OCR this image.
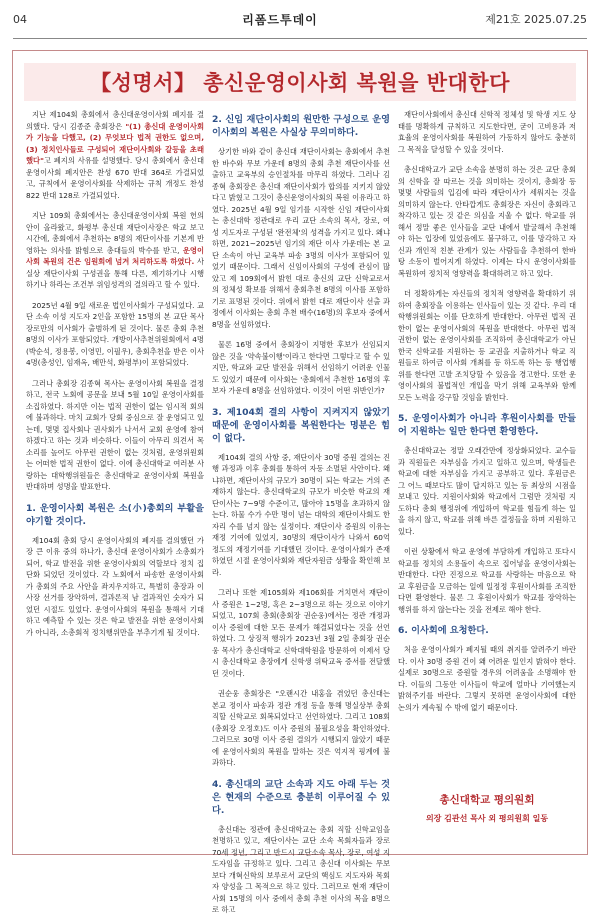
04	리폼드투데이	제21호 2025.07.25
【성명서】 총신운영이사회 복원을 반대한다

지난 제104회 총회에서 총신대운영이사회 폐지를 결의했다. 당시 김종준 총회장은 "(1) 총신대 운영이사회가 기능을 다했고, (2) 무엇보다 법적 권한도 없으며, (3) 정치인사들로 구성되어 재단이사회와 갈등을 초래했다"고 폐지의 사유를 설명했다. 당시 총회에서 총신대운영이사회 폐지안은 찬성 670 반대 364로 가결되었고, 규칙에서 운영이사회를 삭제하는 규칙 개정도 찬성 822 반대 128로 가결되었다.

지난 109회 총회에서는 총신대운영이사회 복원 헌의안이 올라왔고, 화평부 총신대 재단이사장은 학교 보고 시간에, 총회에서 추천하는 8명의 재단이사를 기본계 반영하는 의사를 밝힘으로 총대들의 박수를 받고, 운영이사회 복원의 건은 임원회에 넘겨 처리하도록 하였다. 사실상 재단이사회 구성권을 통해 다른, 제기하기나 시행하기나 하라는 조건부 위임성격의 결의라고 할 수 있다.

2025년 4월 9일 새로운 법인이사회가 구성되었다. 교단 소속 이성 지도자 2인을 포함한 15명의 본 교단 목사 장로만의 이사회가 출범하게 된 것이다. 물론 총회 추천 8명의 이사가 포함되었다. 개방이사추천위원회에서 4명(박순석, 정용봉, 이영민, 이필우), 총회추천을 받은 이사 4명(총성인, 임재옥, 배만석, 화평부)이 포함되었다.

그러나 총회장 김종혁 목사는 운영이사회 복원을 결정하고, 전국 노회에 공문을 보내 5월 10일 운영이사회를 소집하였다. 하지만 이는 법적 권한이 없는 임시적 회의에 불과하다. 마치 교회가 당회 중심으로 잘 운영되고 있는데, 몇몇 집사회나 권사회가 나서서 교회 운영에 참여하겠다고 하는 것과 비슷하다. 이들이 아무리 의견서 목소리를 높여도 아무런 권한이 없는 것처럼, 운영위원회는 어떠한 법적 권한이 없다. 이에 총신대학교 여러분 사랑하는 대학행위원들은 총신대학교 운영이사회 복원을 반대하며 성명을 발표한다.

1. 운영이사회 복원은 소(小)총회의 부활을 야기할 것이다.

제104회 총회 당시 운영이사회의 폐지를 결의했던 가장 큰 이유 중의 하나가, 총신대 운영이사회가 소총회가 되어, 학교 발전을 위한 운영이사회의 역할보다 정치 집단화 되었던 것이었다. 각 노회에서 파송한 운영이사회가 총회의 주요 사안을 좌지우지하고, 특별히 총장과 이사장 선거를 장악하여, 결과론적 남 결과적인 숫자가 되었던 시절도 있었다. 운영이사회의 복원을 통해서 기대하고 예측할 수 있는 것은 학교 발전을 위한 운영이사회가 아니라, 소총회적 정치행위만을 부추기게 될 것이다.

2. 신임 재단이사회의 원만한 구성으로 운영이사회의 복원은 사실상 무의미하다.

상기한 바와 같이 총신대 재단이사회는 총회에서 추천한 바수와 무보 가운데 8명의 총회 추천 재단이사를 선출하고 교육부의 승인절차를 마무리 하였다. 그러나 김종혁 총회장은 총신대 재단이사회가 합의를 지키지 않았다고 밝혔고 그것이 총신운영이사회의 복원 이유라고 하였다. 2025년 4월 9일 임기를 시작한 신임 재단이사회는 총신대학 정관대로 우리 교단 소속의 목사, 장로, 여성 지도자로 구성된 '완전체'의 성격을 가지고 있다. 왜냐하면, 2021~2025년 임기의 재단 이사 가운데는 본 교단 소속이 아닌 교육부 파송 3명의 이사가 포함되어 있었기 때문이다. 그래서 신임이사회의 구성에 관심이 많았고 제 109회에서 밝힌 대로 총신의 교단 신학교로서의 정체성 확보를 위해서 총회추천 8명의 이사를 포함하기로 표명된 것이다. 위에서 밝힌 대로 재단이사 선출 과정에서 이사회는 총회 추천 배수(16명)의 후보자 중에서 8명을 선임하였다.

물론 16명 중에서 총회장이 지명한 후보가 선임되지 않은 것을 '약속불이행'이라고 한다면 그렇다고 할 수 있지만, 학교와 교단 발전을 위해서 선임하기 어려운 인물도 있었기 때문에 이사회는 '총회에서 추천한 16명의 후보자 가운데 8명을 선임하였다. 이것이 어떤 위반인가?

3. 제104회 결의 사항이 지켜지지 않았기 때문에 운영이사회를 복원한다는 명분은 힘이 없다.

제104회 결의 사항 중, 재단이사 30명 증원 결의는 진행 과정과 이후 총회를 통하여 자동 소멸된 사안이다. 왜냐하면, 재단이사의 규모가 30명이 되는 학교는 거의 존재하지 않는다. 총신대학교의 규모가 비슷한 학교의 재단이사는 7~9명 수준이고, 많아야 15명을 초과하지 않는다. 하물 수가 수만 명이 넘는 대학의 재단이사회도 한 자리 수를 넘지 않는 실정이다. 재단이사 증원의 이유는 재정 기여에 있었지, 30명의 재단이사가 나와서 60억 정도의 재정기여를 기대했던 것이다. 운영이사회가 존재하였던 시절 운영이사회와 재단자원금 상황을 확인해 보라.

그러나 또한 제105회와 제106회를 거치면서 재단이사 증원은 1~2명, 혹은 2~3명으로 하는 것으로 이야기 되었고, 107회 총회(총회장 권순웅)에서는 정관 개정과 이사 증원에 대한 모든 문제가 해결되었다는 것을 선언하였다. 그 상징적 행위가 2023년 3월 2일 총회장 권순웅 목사가 총신대학교 신학대학원을 방문하여 이제서 당시 총신대학교 총장에게 신학생 위탁교육 증서를 전달했던 것이다.

권순웅 총회장은 "오랜시간 내홍을 겪었던 총신대는 본교 정이사 파송과 정관 개정 등을 통해 명실상부 총회 직할 신학교로 회복되었다고 선언하였다. 그리고 108회(총회장 오정호)도 이사 증원의 불필요성을 확인하였다. 그러므로 30명 이사 증원 결의가 시행되지 않았기 때문에 운영이사회의 복원을 말하는 것은 억지적 핑계에 불과하다.

4. 총신대의 교단 소속과 지도 아래 두는 것은 현재의 수준으로 충분히 이루어질 수 있다.

총신대는 정관에 총신대학교는 총회 직할 신학교임을 천명하고 있고, 재단이사는 교단 소속 목회자들과 장로 70세 정년, 그리고 반드시 교단소속 목사, 장로, 여성 지도자임을 규정하고 있다. 그리고 총신대 이사회는 무보보다 개혁신학의 보루로서 교단의 핵심도 지도자와 목회자 양성을 그 목적으로 하고 있다. 그러므로 현재 재단이사회 15명의 이사 중에서 총회 추천 이사의 목을 8명으로 하고

재단이사회에서 총신대 신학적 정체성 및 학생 지도 상태를 명확하게 규칙하고 지도한다면, 굳이 고비용과 저효율의 운영이사회를 복원하여 가동하지 않아도 충분히 그 목적을 달성할 수 있을 것이다.

총신대학교가 교단 소속을 분명히 하는 것은 교단 총회의 신학을 잘 따르는 것을 의미하는 것이지, 총회장 등 몇몇 사람들의 입김에 따라 재단이사가 세워지는 것을 의미하지 않는다. 안타깝게도 총회장은 자신이 총회라고 착각하고 있는 것 같은 의심을 지울 수 없다. 학교를 위해서 정말 좋은 인사들을 교단 내에서 발굴해서 추천해야 하는 입장에 있었음에도 불구하고, 이를 망각하고 자신과 개인적 친분 관계가 있는 사람들을 추천하여 한바탕 소동이 벌어지게 하였다. 이제는 다시 운영이사회를 복원하여 정치적 영향력을 확대하려고 하고 있다.

더 정확하게는 자신들의 정치적 영향력을 확대하기 위하여 총회장을 이용하는 인사들이 있는 것 같다. 우리 대학행위원회는 이를 단호하게 반대한다. 아무런 법적 권한이 없는 운영이사회의 복원을 반대한다. 아무런 법적 권한이 없는 운영이사회를 조직하여 총신대학교가 아닌 한국 신학교를 지원하는 등 교권을 지출하거나 학교 직원들로 하여금 이사회 개최를 등 하도록 하는 등 행업행위를 한다면 고발 조치당할 수 있음을 경고한다. 또한 운영이사회의 불법적인 개입을 막기 위해 교육부와 함께 모든 노력을 강구할 것임을 밝힌다.

5. 운영이사회가 아니라 후원이사회를 만들어 지원하는 일만 한다면 환영한다.

총신대학교는 정말 오래간만에 정상화되었다. 교수들과 직원들은 자부심을 가지고 일하고 있으며, 학생들은 학교에 대한 자부심을 가지고 공부하고 있다. 후원금은 그 어느 때보다도 많이 답지하고 있는 등 최상의 시점을 보내고 있다. 지원이사회와 학교에서 그럼만 것처럼 지도하다 총회 행정위에 개입하여 학교를 힘들게 하는 일을 하지 않고, 학교를 위해 바른 결정들을 하며 지원하고 있다.

이런 상황에서 학교 운영에 부담하게 개입하고 또다시 학교를 정치의 소용돌이 속으로 집어넣을 운영이사회는 반대한다. 다만 진정으로 학교를 사랑하는 마음으로 학교 후원금을 모금하는 일에 일정정 후원이사회를 조직한다면 환영한다. 물론 그 후원이사회가 학교를 장악하는 행위를 하지 않는다는 것을 전제로 해야 한다.

6. 이사회에 요청한다.

처음 운영이사회가 폐지될 때의 취지를 알려주기 바란다. 이사 30명 증원 건이 왜 어려운 일인지 밝혀야 한다. 실제로 30명으로 증원할 경우의 어려움을 소명해야 한다. 이들의 그동안 이사들이 학교에 얼마나 기여했는지 밝혀주기를 바란다. 그렇지 못하면 운영이사회에 대한 논의가 계속될 수 밖에 없기 때문이다.

총신대학교 평의원회
의장 김관선 목사 외 평의원회 일동
